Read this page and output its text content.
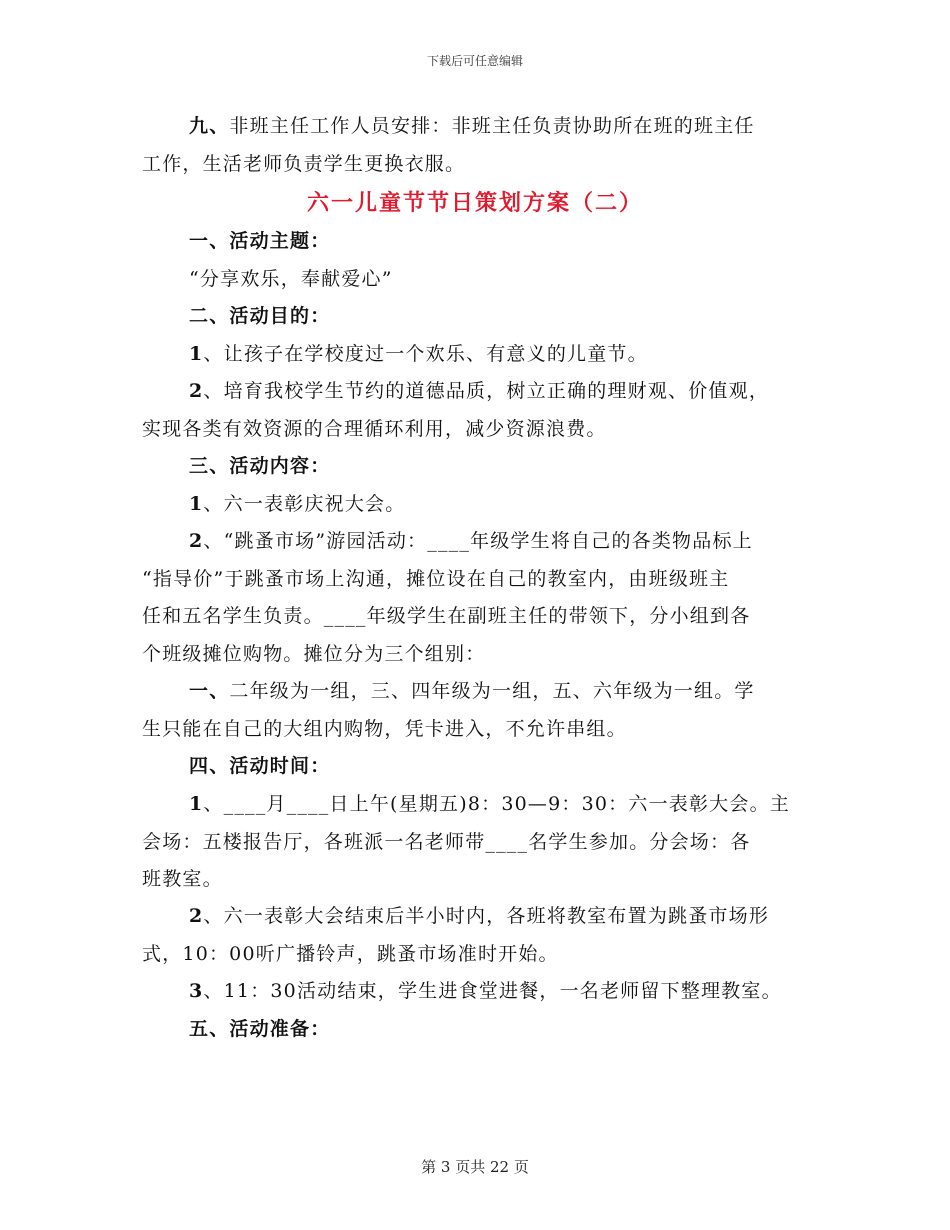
下载后可任意编辑
九、非班主任工作人员安排：非班主任负责协助所在班的班主任
工作，生活老师负责学生更换衣服。
六一儿童节节日策划方案（二）
一、活动主题：
“分享欢乐，奉献爱心”
二、活动目的：
1、让孩子在学校度过一个欢乐、有意义的儿童节。
2、培育我校学生节约的道德品质，树立正确的理财观、价值观，
实现各类有效资源的合理循环利用，减少资源浪费。
三、活动内容：
1、六一表彰庆祝大会。
2、“跳蚤市场”游园活动：____年级学生将自己的各类物品标上
“指导价”于跳蚤市场上沟通，摊位设在自己的教室内，由班级班主
任和五名学生负责。____年级学生在副班主任的带领下，分小组到各
个班级摊位购物。摊位分为三个组别：
一、二年级为一组，三、四年级为一组，五、六年级为一组。学
生只能在自己的大组内购物，凭卡进入，不允许串组。
四、活动时间：
1、____月____日上午(星期五)8：30—9：30：六一表彰大会。主
会场：五楼报告厅，各班派一名老师带____名学生参加。分会场：各
班教室。
2、六一表彰大会结束后半小时内，各班将教室布置为跳蚤市场形
式，10：00听广播铃声，跳蚤市场准时开始。
3、11：30活动结束，学生进食堂进餐，一名老师留下整理教室。
五、活动准备：
第 3 页共 22 页
